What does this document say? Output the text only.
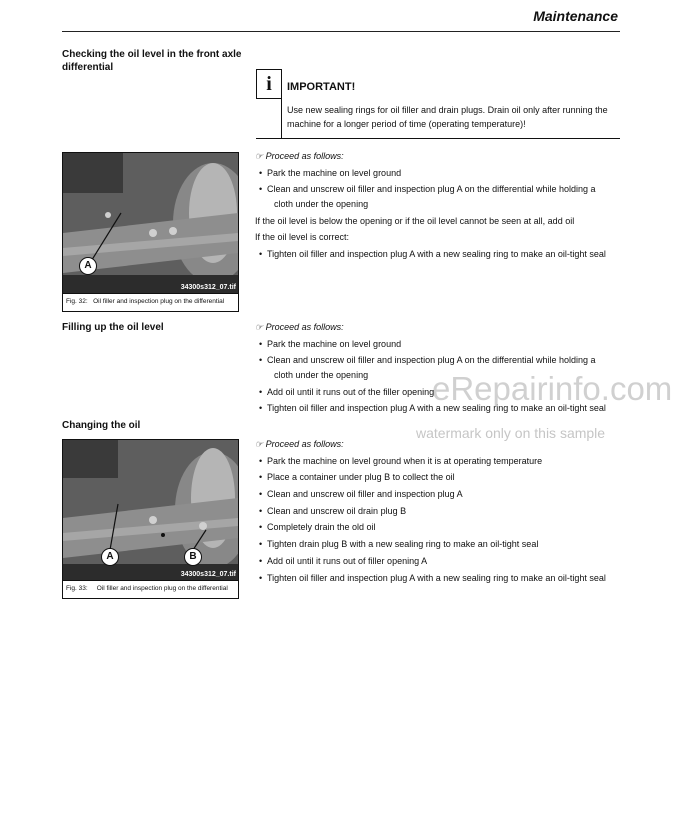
Maintenance
Checking the oil level in the front axle
differential
i	IMPORTANT!
Use new sealing rings for oil filler and drain plugs. Drain oil only after running the machine for a longer period of time (operating temperature)!
☞ Proceed as follows:
• Park the machine on level ground
• Clean and unscrew oil filler and inspection plug A on the differential while holding a
cloth under the opening
If the oil level is below the opening or if the oil level cannot be seen at all, add oil
If the oil level is correct:
• Tighten oil filler and inspection plug A with a new sealing ring to make an oil-tight seal
A
34300s312_07.tif
Fig. 32: Oil filler and inspection plug on the differential
Filling up the oil level	☞ Proceed as follows:
• Park the machine on level ground
• Clean and unscrew oil filler and inspection plug A on the differential while holding a
cloth under the opening
• Add oil until it runs out of the filler opening
• Tighten oil filler and inspection plug A with a new sealing ring to make an oil-tight seal
Changing the oil
☞ Proceed as follows:
• Park the machine on level ground when it is at operating temperature
• Place a container under plug B to collect the oil
• Clean and unscrew oil filler and inspection plug A
• Clean and unscrew oil drain plug B
• Completely drain the old oil
• Tighten drain plug B with a new sealing ring to make an oil-tight seal
• Add oil until it runs out of filler opening A
• Tighten oil filler and inspection plug A with a new sealing ring to make an oil-tight seal
A	B
34300s312_07.tif
Fig. 33: Oil filler and inspection plug on the differential
eRepairinfo.com
watermark only on this sample
